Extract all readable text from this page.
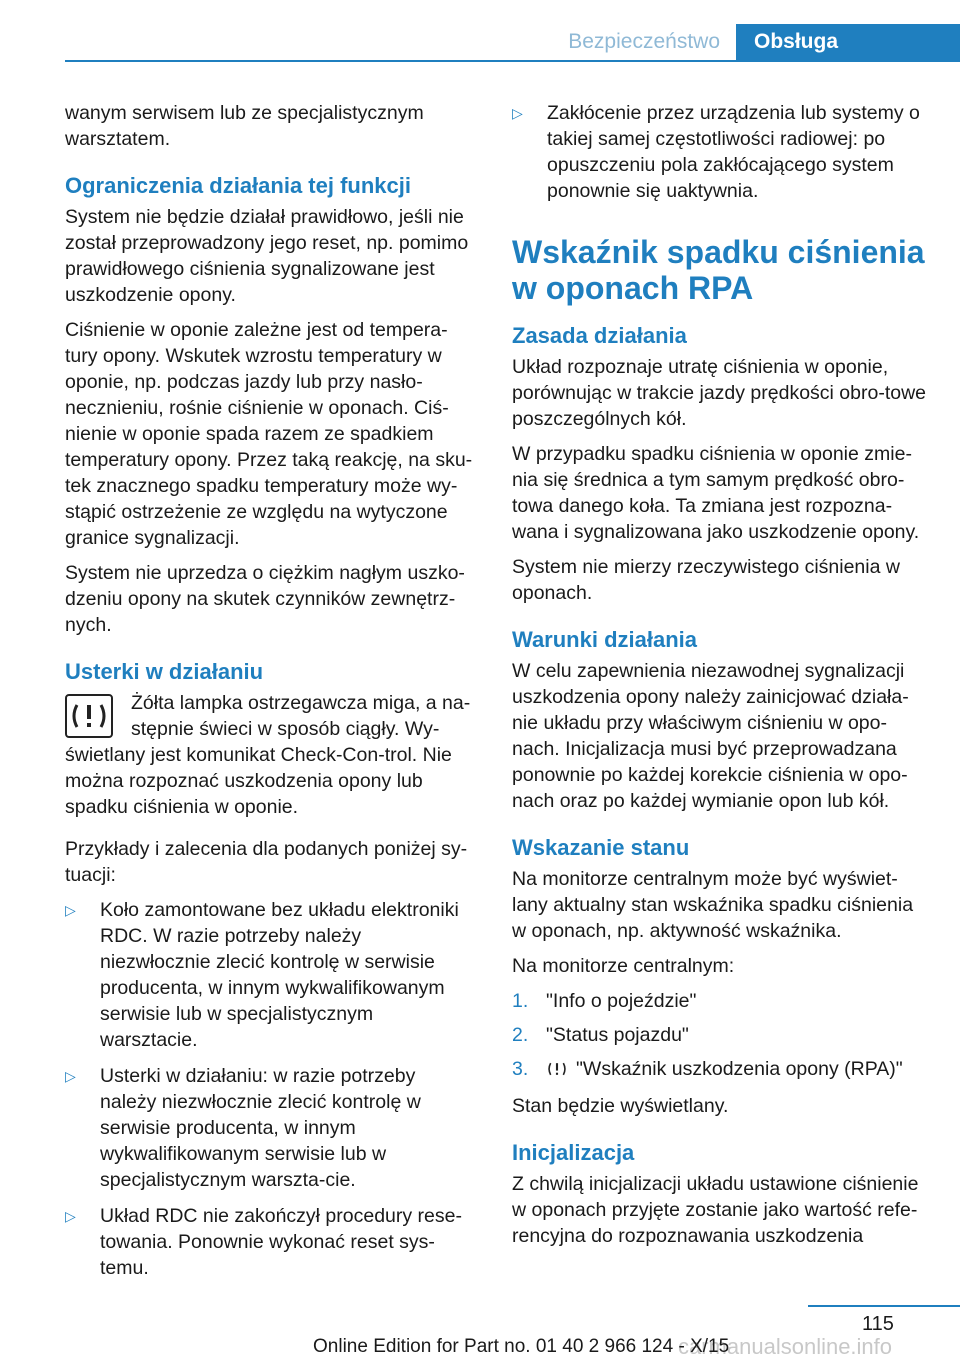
Bezpieczeństwo	Obsługa

wanym serwisem lub ze specjalistycznym warsztatem.

Ograniczenia działania tej funkcji

System nie będzie działał prawidłowo, jeśli nie został przeprowadzony jego reset, np. pomimo prawidłowego ciśnienia sygnalizowane jest uszkodzenie opony.

Ciśnienie w oponie zależne jest od tempera‐tury opony. Wskutek wzrostu temperatury w oponie, np. podczas jazdy lub przy nasło‐necznieniu, rośnie ciśnienie w oponach. Ciś‐nienie w oponie spada razem ze spadkiem temperatury opony. Przez taką reakcję, na sku‐tek znacznego spadku temperatury może wy‐stąpić ostrzeżenie ze względu na wytyczone granice sygnalizacji.

System nie uprzedza o ciężkim nagłym uszko‐dzeniu opony na skutek czynników zewnętrz‐nych.

Usterki w działaniu

Żółta lampka ostrzegawcza miga, a na‐stępnie świeci w sposób ciągły. Wy‐świetlany jest komunikat Check-Con‐trol. Nie można rozpoznać uszkodzenia opony lub spadku ciśnienia w oponie.

Przykłady i zalecenia dla podanych poniżej sy‐tuacji:

▷ Koło zamontowane bez układu elektroniki RDC. W razie potrzeby należy niezwłocznie zlecić kontrolę w serwisie producenta, w innym wykwalifikowanym serwisie lub w specjalistycznym warsztacie.
▷ Usterki w działaniu: w razie potrzeby należy niezwłocznie zlecić kontrolę w serwisie producenta, w innym wykwalifikowanym serwisie lub w specjalistycznym warszta‐cie.
▷ Układ RDC nie zakończył procedury rese‐towania. Ponownie wykonać reset sys‐temu.
▷ Zakłócenie przez urządzenia lub systemy o takiej samej częstotliwości radiowej: po opuszczeniu pola zakłócającego system ponownie się uaktywnia.
Wskaźnik spadku ciśnienia w oponach RPA
Zasada działania

Układ rozpoznaje utratę ciśnienia w oponie, porównując w trakcie jazdy prędkości obro‐towe poszczególnych kół.

W przypadku spadku ciśnienia w oponie zmie‐nia się średnica a tym samym prędkość obro‐towa danego koła. Ta zmiana jest rozpozna‐wana i sygnalizowana jako uszkodzenie opony.

System nie mierzy rzeczywistego ciśnienia w oponach.

Warunki działania

W celu zapewnienia niezawodnej sygnalizacji uszkodzenia opony należy zainicjować działa‐nie układu przy właściwym ciśnieniu w opo‐nach. Inicjalizacja musi być przeprowadzana ponownie po każdej korekcie ciśnienia w opo‐nach oraz po każdej wymianie opon lub kół.

Wskazanie stanu

Na monitorze centralnym może być wyświet‐lany aktualny stan wskaźnika spadku ciśnienia w oponach, np. aktywność wskaźnika.

Na monitorze centralnym:

1. "Info o pojeździe"
2. "Status pojazdu"
3. "Wskaźnik uszkodzenia opony (RPA)"

Stan będzie wyświetlany.

Inicjalizacja

Z chwilą inicjalizacji układu ustawione ciśnienie w oponach przyjęte zostanie jako wartość refe‐rencyjna do rozpoznawania uszkodzenia

115
carmanualsonline.info
Online Edition for Part no. 01 40 2 966 124 - X/15
